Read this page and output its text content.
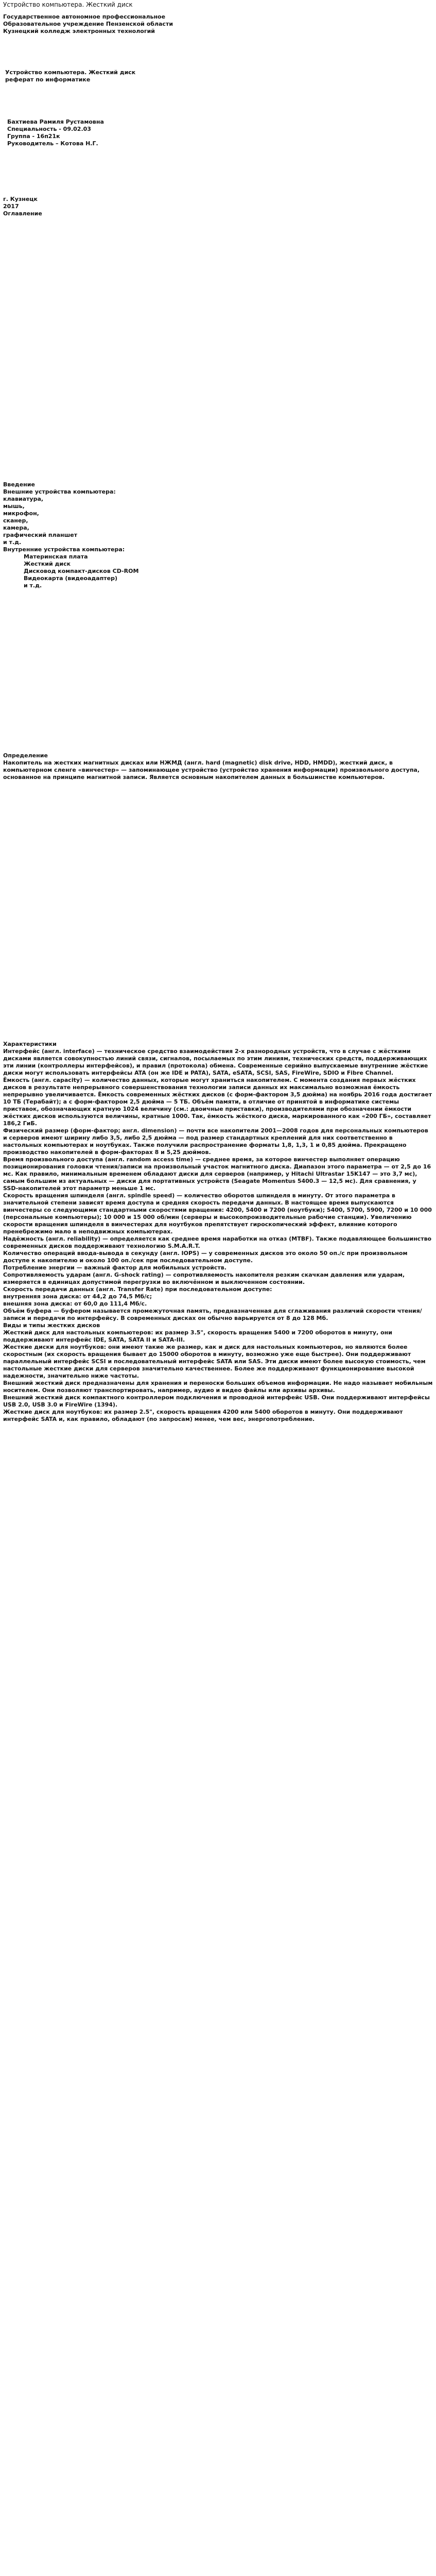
Устройство компьютера. Жесткий диск
Государственное автономное профессиональное
Образовательное учреждение Пензенской области
Кузнецкий колледж электронных технологий
Устройство компьютера. Жесткий диск
реферат по информатике
Бахтиева Рамиля Рустамовна
Специальность - 09.02.03
Группа - 16п21к
Руководитель – Котова Н.Г.
г. Кузнецк
2017
Оглавление
Введение
Внешние устройства компьютера:
клавиатура,
мышь,
микрофон,
сканер,
камера,
графический планшет
и т.д.
Внутренние устройства компьютера:
Материнская плата
Жесткий диск
Дисковод компакт-дисков CD-ROM
Видеокарта (видеоадаптер)
и т.д.
Определение
Накопитель на жестких магнитных дисках или НЖМД (англ. hard (magnetic) disk drive, HDD, HMDD), жесткий диск, в компьютерном сленге «винчестер» — запоминающее устройство (устройство хранения информации) произвольного доступа, основанное на принципе магнитной записи. Является основным накопителем данных в большинстве компьютеров.
Характеристики
Интерфейс (англ. interface) — техническое средство взаимодействия 2-х разнородных устройств, что в случае с жёсткими дисками является совокупностью линий связи, сигналов, посылаемых по этим линиям, технических средств, поддерживающих эти линии (контроллеры интерфейсов), и правил (протокола) обмена. Современные серийно выпускаемые внутренние жёсткие диски могут использовать интерфейсы ATA (он же IDE и PATA), SATA, eSATA, SCSI, SAS, FireWire, SDIO и Fibre Channel.
Ёмкость (англ. capacity) — количество данных, которые могут храниться накопителем. С момента создания первых жёстких дисков в результате непрерывного совершенствования технологии записи данных их максимально возможная ёмкость непрерывно увеличивается. Ёмкость современных жёстких дисков (с форм-фактором 3,5 дюйма) на ноябрь 2016 года достигает 10 ТБ (Терабайт); а с форм-фактором 2,5 дюйма — 5 ТБ. Объём памяти, в отличие от принятой в информатике системы приставок, обозначающих кратную 1024 величину (см.: двоичные приставки), производителями при обозначении ёмкости жёстких дисков используются величины, кратные 1000. Так, ёмкость жёсткого диска, маркированного как «200 ГБ», составляет 186,2 ГиБ.
Физический размер (форм-фактор; англ. dimension) — почти все накопители 2001—2008 годов для персональных компьютеров и серверов имеют ширину либо 3,5, либо 2,5 дюйма — под размер стандартных креплений для них соответственно в настольных компьютерах и ноутбуках. Также получили распространение форматы 1,8, 1,3, 1 и 0,85 дюйма. Прекращено производство накопителей в форм-факторах 8 и 5,25 дюймов.
Время произвольного доступа (англ. random access time) — среднее время, за которое винчестер выполняет операцию позиционирования головки чтения/записи на произвольный участок магнитного диска. Диапазон этого параметра — от 2,5 до 16 мс. Как правило, минимальным временем обладают диски для серверов (например, у Hitachi Ultrastar 15K147 — это 3,7 мс), самым большим из актуальных — диски для портативных устройств (Seagate Momentus 5400.3 — 12,5 мс). Для сравнения, у SSD-накопителей этот параметр меньше 1 мс.
Скорость вращения шпинделя (англ. spindle speed) — количество оборотов шпинделя в минуту. От этого параметра в значительной степени зависят время доступа и средняя скорость передачи данных. В настоящее время выпускаются винчестеры со следующими стандартными скоростями вращения: 4200, 5400 и 7200 (ноутбуки); 5400, 5700, 5900, 7200 и 10 000 (персональные компьютеры); 10 000 и 15 000 об/мин (серверы и высокопроизводительные рабочие станции). Увеличению скорости вращения шпинделя в винчестерах для ноутбуков препятствует гироскопический эффект, влияние которого пренебрежимо мало в неподвижных компьютерах.
Надёжность (англ. reliability) — определяется как среднее время наработки на отказ (MTBF). Также подавляющее большинство современных дисков поддерживают технологию S.M.A.R.T.
Количество операций ввода-вывода в секунду (англ. IOPS) — у современных дисков это около 50 оп./с при произвольном доступе к накопителю и около 100 оп./сек при последовательном доступе.
Потребление энергии — важный фактор для мобильных устройств.
Сопротивляемость ударам (англ. G-shock rating) — сопротивляемость накопителя резким скачкам давления или ударам, измеряется в единицах допустимой перегрузки во включённом и выключенном состоянии.
Скорость передачи данных (англ. Transfer Rate) при последовательном доступе:
внутренняя зона диска: от 44,2 до 74,5 Мб/с;
внешняя зона диска: от 60,0 до 111,4 Мб/с.
Объём буфера — буфером называется промежуточная память, предназначенная для сглаживания различий скорости чтения/записи и передачи по интерфейсу. В современных дисках он обычно варьируется от 8 до 128 Мб.
Виды и типы жестких дисков
Жесткий диск для настольных компьютеров: их размер 3.5", скорость вращения 5400 и 7200 оборотов в минуту, они поддерживают интерфейс IDE, SATA, SATA II и SATA-III.
Жесткие диски для ноутбуков: они имеют такие же размер, как и диск для настольных компьютеров, но являются более скоростным (их скорость вращения бывает до 15000 оборотов в минуту, возможно уже еще быстрее). Они поддерживают параллельный интерфейс SCSI и последовательный интерфейс SATA или SAS. Эти диски имеют более высокую стоимость, чем настольные жесткие диски для серверов значительно качественнее. Более же поддерживают функционирование высокой надежности, значительно ниже частоты.
Внешний жесткий диск предназначены для хранения и переноски больших объемов информации. Не надо называет мобильным носителем. Они позволяют транспортировать, например, аудио и видео файлы или архивы архивы.
Внешний жесткий диск компактного контроллером подключения и проводной интерфейс USB. Они поддерживают интерфейсы USB 2.0, USB 3.0 и FireWire (1394).
Жесткие диск для ноутбуков: их размер 2.5", скорость вращения 4200 или 5400 оборотов в минуту. Они поддерживают интерфейс SATA и, как правило, обладают (по запросам) менее, чем вес, энергопотребление.
